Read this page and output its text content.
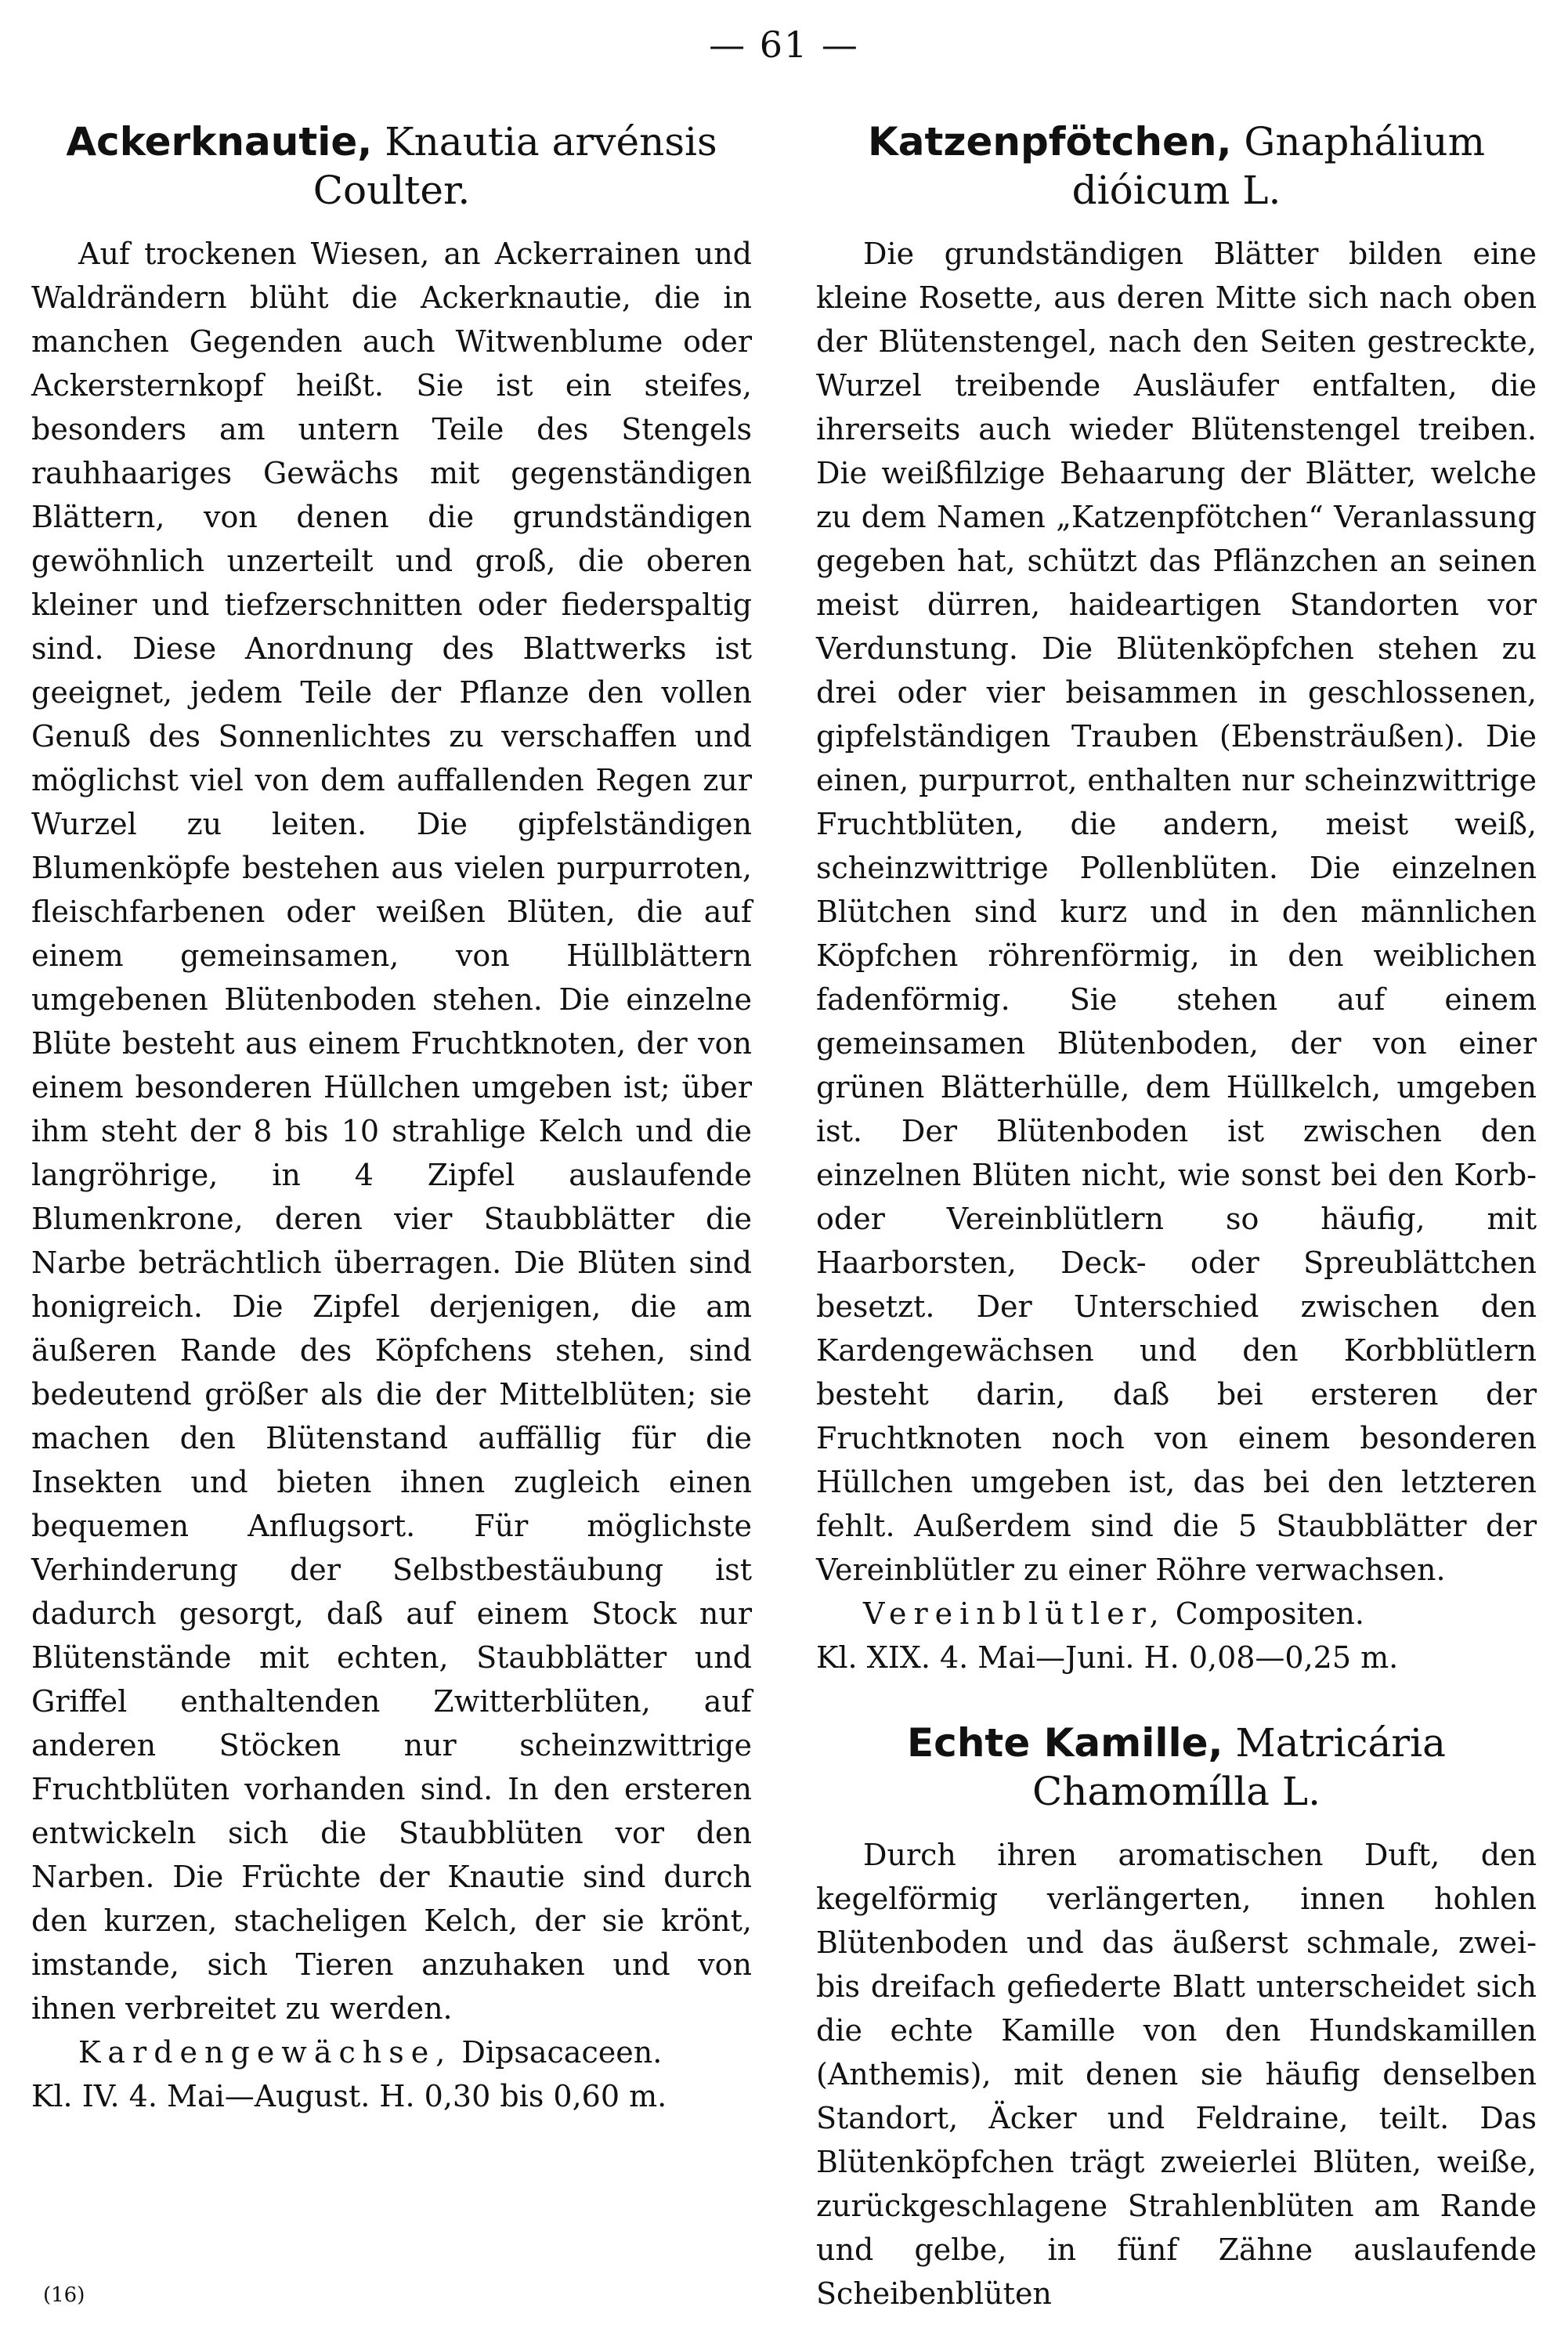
— 61 —
Ackerknautie, Knautia arvénsis Coulter.

Auf trockenen Wiesen, an Ackerrainen und Waldrändern blüht die Ackerknautie, die in manchen Gegenden auch Witwenblume oder Ackersternkopf heißt. Sie ist ein steifes, besonders am untern Teile des Stengels rauhhaariges Gewächs mit gegenständigen Blättern, von denen die grundständigen gewöhnlich unzerteilt und groß, die oberen kleiner und tiefzerschnitten oder fiederspaltig sind. Diese Anordnung des Blattwerks ist geeignet, jedem Teile der Pflanze den vollen Genuß des Sonnenlichtes zu verschaffen und möglichst viel von dem auffallenden Regen zur Wurzel zu leiten. Die gipfelständigen Blumenköpfe bestehen aus vielen purpurroten, fleischfarbenen oder weißen Blüten, die auf einem gemeinsamen, von Hüllblättern umgebenen Blütenboden stehen. Die einzelne Blüte besteht aus einem Fruchtknoten, der von einem besonderen Hüllchen umgeben ist; über ihm steht der 8 bis 10 strahlige Kelch und die langröhrige, in 4 Zipfel auslaufende Blumenkrone, deren vier Staubblätter die Narbe beträchtlich überragen. Die Blüten sind honigreich. Die Zipfel derjenigen, die am äußeren Rande des Köpfchens stehen, sind bedeutend größer als die der Mittelblüten; sie machen den Blütenstand auffällig für die Insekten und bieten ihnen zugleich einen bequemen Anflugsort. Für möglichste Verhinderung der Selbstbestäubung ist dadurch gesorgt, daß auf einem Stock nur Blütenstände mit echten, Staubblätter und Griffel enthaltenden Zwitterblüten, auf anderen Stöcken nur scheinzwittrige Fruchtblüten vorhanden sind. In den ersteren entwickeln sich die Staubblüten vor den Narben. Die Früchte der Knautie sind durch den kurzen, stacheligen Kelch, der sie krönt, imstande, sich Tieren anzuhaken und von ihnen verbreitet zu werden.

Kardengewächse, Dipsacaceen.

Kl. IV. 4. Mai—August. H. 0,30 bis 0,60 m.

Katzenpfötchen, Gnaphálium dióicum L.

Die grundständigen Blätter bilden eine kleine Rosette, aus deren Mitte sich nach oben der Blütenstengel, nach den Seiten gestreckte, Wurzel treibende Ausläufer entfalten, die ihrerseits auch wieder Blütenstengel treiben. Die weißfilzige Behaarung der Blätter, welche zu dem Namen „Katzenpfötchen“ Veranlassung gegeben hat, schützt das Pflänzchen an seinen meist dürren, haideartigen Standorten vor Verdunstung. Die Blütenköpfchen stehen zu drei oder vier beisammen in geschlossenen, gipfelständigen Trauben (Ebensträußen). Die einen, purpurrot, enthalten nur scheinzwittrige Fruchtblüten, die andern, meist weiß, scheinzwittrige Pollenblüten. Die einzelnen Blütchen sind kurz und in den männlichen Köpfchen röhrenförmig, in den weiblichen fadenförmig. Sie stehen auf einem gemeinsamen Blütenboden, der von einer grünen Blätterhülle, dem Hüllkelch, umgeben ist. Der Blütenboden ist zwischen den einzelnen Blüten nicht, wie sonst bei den Korb- oder Vereinblütlern so häufig, mit Haarborsten, Deck- oder Spreublättchen besetzt. Der Unterschied zwischen den Kardengewächsen und den Korbblütlern besteht darin, daß bei ersteren der Fruchtknoten noch von einem besonderen Hüllchen umgeben ist, das bei den letzteren fehlt. Außerdem sind die 5 Staubblätter der Vereinblütler zu einer Röhre verwachsen.

Vereinblütler, Compositen.

Kl. XIX. 4. Mai—Juni. H. 0,08—0,25 m.

Echte Kamille, Matricária Chamomílla L.

Durch ihren aromatischen Duft, den kegelförmig verlängerten, innen hohlen Blütenboden und das äußerst schmale, zwei- bis dreifach gefiederte Blatt unterscheidet sich die echte Kamille von den Hundskamillen (Anthemis), mit denen sie häufig denselben Standort, Äcker und Feldraine, teilt. Das Blütenköpfchen trägt zweierlei Blüten, weiße, zurückgeschlagene Strahlenblüten am Rande und gelbe, in fünf Zähne auslaufende Scheibenblüten

(16)
